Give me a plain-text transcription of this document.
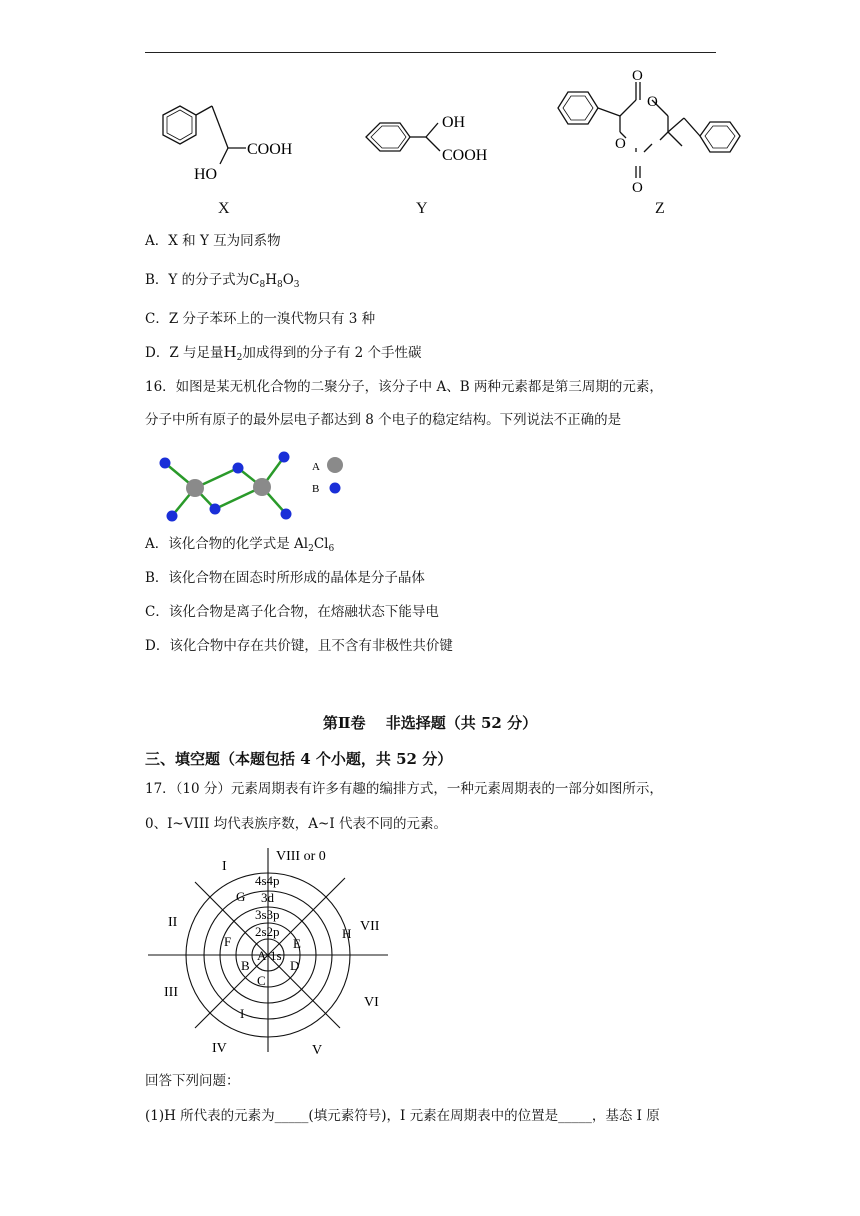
COOH
HO
X
OH
COOH
Y
O
O
O
O
Z
A．X 和 Y 互为同系物
B．Y 的分子式为$C_8H_8O_3$
C．Z 分子苯环上的一溴代物只有 3 种
D．Z 与足量$H_2$加成得到的分子有 2 个手性碳
16．如图是某无机化合物的二聚分子，该分子中 A、B 两种元素都是第三周期的元素，
分子中所有原子的最外层电子都达到 8 个电子的稳定结构。下列说法不正确的是
A
B
A．该化合物的化学式是 $Al_2Cl_6$
B．该化合物在固态时所形成的晶体是分子晶体
C．该化合物是离子化合物，在熔融状态下能导电
D．该化合物中存在共价键，且不含有非极性共价键
第Ⅱ卷　 非选择题（共 52 分）
三、填空题（本题包括 4 个小题，共 52 分）
17．（10 分）元素周期表有许多有趣的编排方式，一种元素周期表的一部分如图所示，
0、I~VIII 均代表族序数，A~I 代表不同的元素。
VIII or 0
I
II
III
IV	V
VI
VII
1s
2s2p
3s3p
3d
4s4p
A
B
C
D
E
F
G
H
I
回答下列问题：
(1)H 所代表的元素为_____(填元素符号)，I 元素在周期表中的位置是_____，基态 I 原
